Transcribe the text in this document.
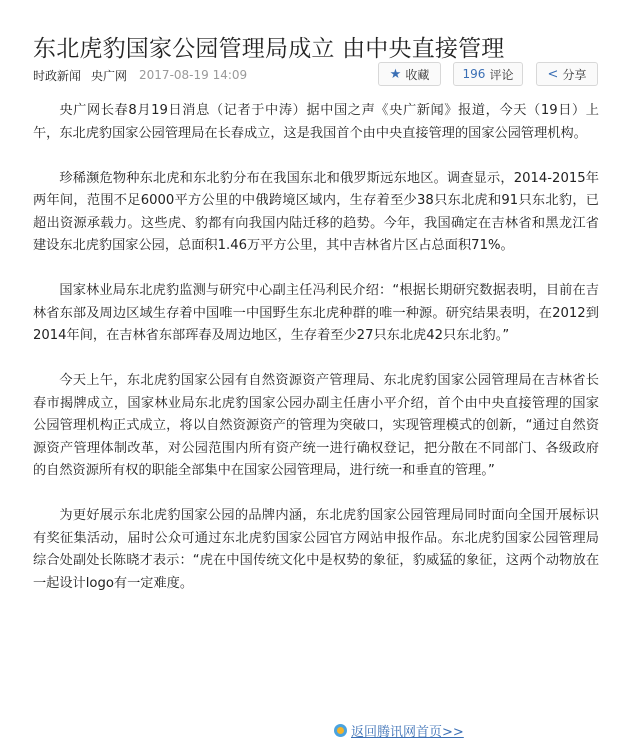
东北虎豹国家公园管理局成立 由中央直接管理
时政新闻 央广网 2017-08-19 14:09	★ 收藏	196 评论	< 分享

央广网长春8月19日消息（记者于中涛）据中国之声《央广新闻》报道，今天（19日）上午，东北虎豹国家公园管理局在长春成立，这是我国首个由中央直接管理的国家公园管理机构。

珍稀濒危物种东北虎和东北豹分布在我国东北和俄罗斯远东地区。调查显示，2014-2015年两年间，范围不足6000平方公里的中俄跨境区域内，生存着至少38只东北虎和91只东北豹，已超出资源承载力。这些虎、豹都有向我国内陆迁移的趋势。今年，我国确定在吉林省和黑龙江省建设东北虎豹国家公园，总面积1.46万平方公里，其中吉林省片区占总面积71%。

国家林业局东北虎豹监测与研究中心副主任冯利民介绍：“根据长期研究数据表明，目前在吉林省东部及周边区域生存着中国唯一中国野生东北虎种群的唯一种源。研究结果表明，在2012到2014年间，在吉林省东部珲春及周边地区，生存着至少27只东北虎42只东北豹。”

今天上午，东北虎豹国家公园有自然资源资产管理局、东北虎豹国家公园管理局在吉林省长春市揭牌成立，国家林业局东北虎豹国家公园办副主任唐小平介绍，首个由中央直接管理的国家公园管理机构正式成立，将以自然资源资产的管理为突破口，实现管理模式的创新，“通过自然资源资产管理体制改革，对公园范围内所有资产统一进行确权登记，把分散在不同部门、各级政府的自然资源所有权的职能全部集中在国家公园管理局，进行统一和垂直的管理。”

为更好展示东北虎豹国家公园的品牌内涵，东北虎豹国家公园管理局同时面向全国开展标识有奖征集活动，届时公众可通过东北虎豹国家公园官方网站申报作品。东北虎豹国家公园管理局综合处副处长陈晓才表示：“虎在中国传统文化中是权势的象征，豹威猛的象征，这两个动物放在一起设计logo有一定难度。

返回腾讯网首页>>
